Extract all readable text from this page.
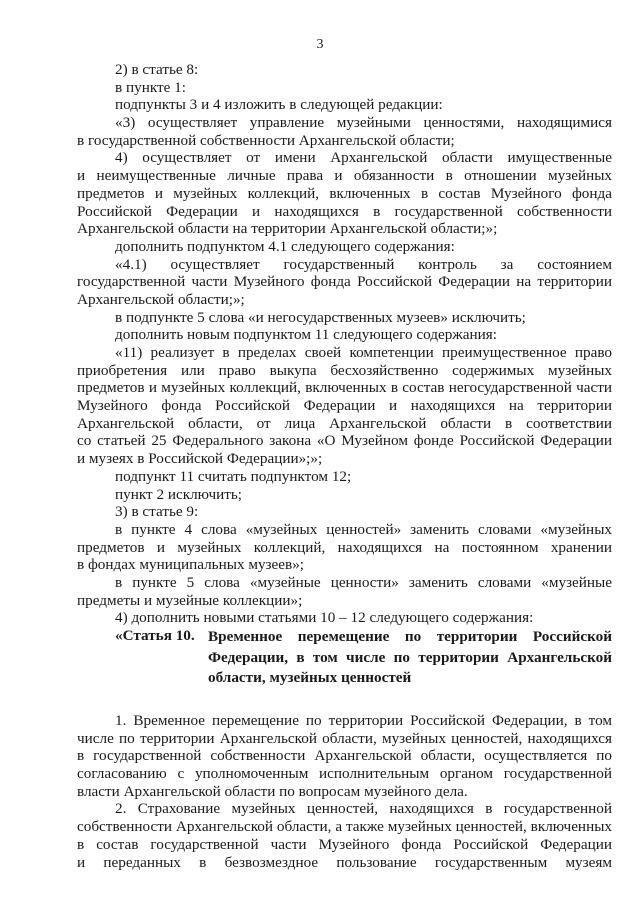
3
2) в статье 8:
в пункте 1:
подпункты 3 и 4 изложить в следующей редакции:
«3) осуществляет управление музейными ценностями, находящимися
в государственной собственности Архангельской области;
4) осуществляет от имени Архангельской области имущественные
и неимущественные личные права и обязанности в отношении музейных
предметов и музейных коллекций, включенных в состав Музейного фонда
Российской Федерации и находящихся в государственной собственности
Архангельской области на территории Архангельской области;»;
дополнить подпунктом 4.1 следующего содержания:
«4.1) осуществляет государственный контроль за состоянием
государственной части Музейного фонда Российской Федерации на территории
Архангельской области;»;
в подпункте 5 слова «и негосударственных музеев» исключить;
дополнить новым подпунктом 11 следующего содержания:
«11) реализует в пределах своей компетенции преимущественное право
приобретения или право выкупа бесхозяйственно содержимых музейных
предметов и музейных коллекций, включенных в состав негосударственной части
Музейного фонда Российской Федерации и находящихся на территории
Архангельской области, от лица Архангельской области в соответствии
со статьей 25 Федерального закона «О Музейном фонде Российской Федерации
и музеях в Российской Федерации»;»;
подпункт 11 считать подпунктом 12;
пункт 2 исключить;
3) в статье 9:
в пункте 4 слова «музейных ценностей» заменить словами «музейных
предметов и музейных коллекций, находящихся на постоянном хранении
в фондах муниципальных музеев»;
в пункте 5 слова «музейные ценности» заменить словами «музейные
предметы и музейные коллекции»;
4) дополнить новыми статьями 10 – 12 следующего содержания:
«Статья 10. Временное перемещение по территории Российской
Федерации, в том числе по территории Архангельской
области, музейных ценностей
1. Временное перемещение по территории Российской Федерации, в том
числе по территории Архангельской области, музейных ценностей, находящихся
в государственной собственности Архангельской области, осуществляется по
согласованию с уполномоченным исполнительным органом государственной
власти Архангельской области по вопросам музейного дела.
2. Страхование музейных ценностей, находящихся в государственной
собственности Архангельской области, а также музейных ценностей, включенных
в состав государственной части Музейного фонда Российской Федерации
и переданных в безвозмездное пользование государственным музеям
